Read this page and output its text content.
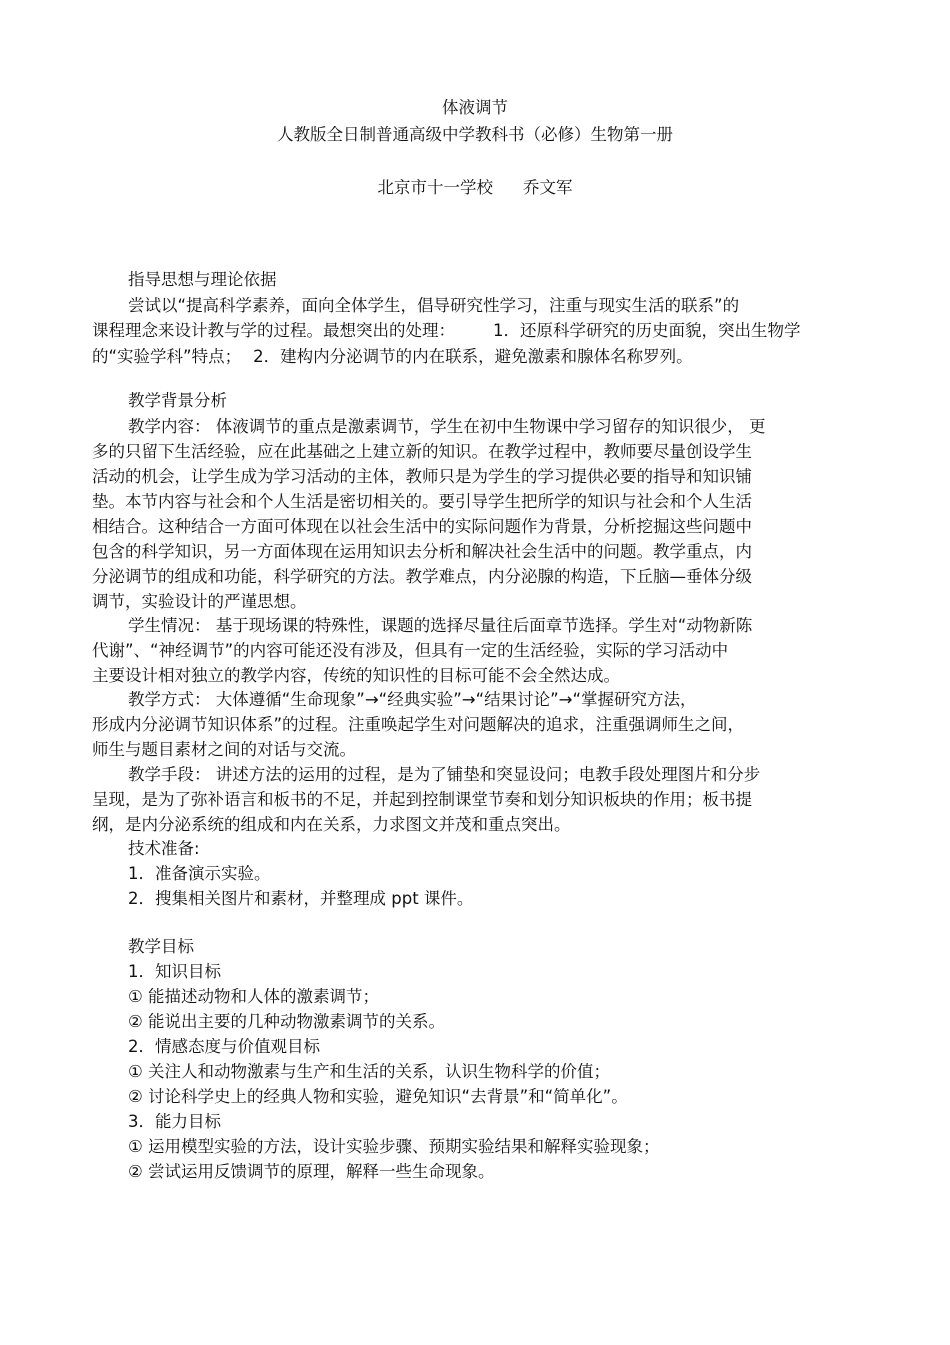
体液调节
人教版全日制普通高级中学教科书（必修）生物第一册
北京市十一学校 乔文军
指导思想与理论依据
尝试以“提高科学素养，面向全体学生，倡导研究性学习，注重与现实生活的联系”的
课程理念来设计教与学的过程。最想突出的处理： 1．还原科学研究的历史面貌，突出生物学
的“实验学科”特点； 2．建构内分泌调节的内在联系，避免激素和腺体名称罗列。
教学背景分析
教学内容： 体液调节的重点是激素调节，学生在初中生物课中学习留存的知识很少， 更
多的只留下生活经验，应在此基础之上建立新的知识。在教学过程中，教师要尽量创设学生
活动的机会，让学生成为学习活动的主体，教师只是为学生的学习提供必要的指导和知识铺
垫。本节内容与社会和个人生活是密切相关的。要引导学生把所学的知识与社会和个人生活
相结合。这种结合一方面可体现在以社会生活中的实际问题作为背景，分析挖掘这些问题中
包含的科学知识，另一方面体现在运用知识去分析和解决社会生活中的问题。教学重点，内
分泌调节的组成和功能，科学研究的方法。教学难点，内分泌腺的构造，下丘脑—垂体分级
调节，实验设计的严谨思想。
学生情况： 基于现场课的特殊性，课题的选择尽量往后面章节选择。学生对“动物新陈
代谢”、“神经调节”的内容可能还没有涉及，但具有一定的生活经验，实际的学习活动中
主要设计相对独立的教学内容，传统的知识性的目标可能不会全然达成。
教学方式： 大体遵循“生命现象”→“经典实验”→“结果讨论”→“掌握研究方法，
形成内分泌调节知识体系”的过程。注重唤起学生对问题解决的追求，注重强调师生之间，
师生与题目素材之间的对话与交流。
教学手段： 讲述方法的运用的过程，是为了铺垫和突显设问；电教手段处理图片和分步
呈现，是为了弥补语言和板书的不足，并起到控制课堂节奏和划分知识板块的作用；板书提
纲，是内分泌系统的组成和内在关系，力求图文并茂和重点突出。
技术准备:
1．准备演示实验。
2．搜集相关图片和素材，并整理成 ppt 课件。
教学目标
1．知识目标
① 能描述动物和人体的激素调节；
② 能说出主要的几种动物激素调节的关系。
2．情感态度与价值观目标
① 关注人和动物激素与生产和生活的关系，认识生物科学的价值；
② 讨论科学史上的经典人物和实验，避免知识“去背景”和“简单化”。
3．能力目标
① 运用模型实验的方法，设计实验步骤、预期实验结果和解释实验现象；
② 尝试运用反馈调节的原理，解释一些生命现象。
